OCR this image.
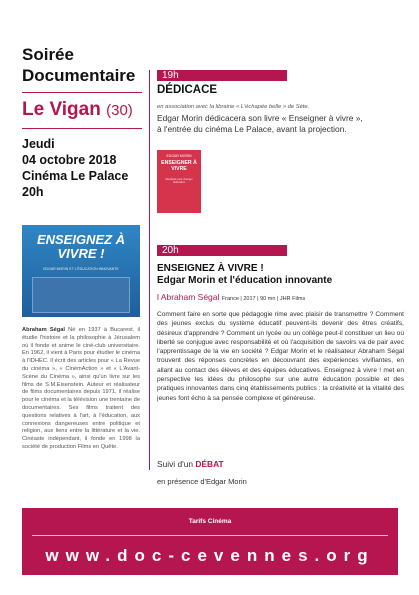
Soirée
Documentaire
Le Vigan (30)
Jeudi
04 octobre 2018
Cinéma Le Palace
20h
ENSEIGNEZ À VIVRE !
EDGAR MORIN ET L'ÉDUCATION INNOVANTE
Abraham Ségal Né en 1937 à Bucarest, il étudie l'histoire et la philosophie à Jérusalem où il fonde et anime le ciné-club universitaire. En 1962, il vient à Paris pour étudier le cinéma à l'IDHEC. Il écrit des articles pour « La Revue du cinéma », « CinémAction » et « L'Avant-Scène du Cinéma », ainsi qu'un livre sur les films de S.M.Eisenstein. Auteur et réalisateur de films documentaires depuis 1971, il réalise pour le cinéma et la télévision une trentaine de documentaires. Ses films traitent des questions relatives à l'art, à l'éducation, aux connexions dangereuses entre politique et religion, aux liens entre la littérature et la vie. Cinéaste indépendant, il fonde en 1998 la société de production Films en Quête.
19h
DÉDICACE
en association avec la librairie « L'échapée belle » de Sète.
Edgar Morin dédicacera son livre « Enseigner à vivre »,
à l'entrée du cinéma Le Palace, avant la projection.
EDGAR MORIN
ENSEIGNER À VIVRE
Manifeste pour changer l'éducation
20h
ENSEIGNEZ À VIVRE !
Edgar Morin et l'éducation innovante
l Abraham Ségal France | 2017 | 90 mn | JHR Films
Comment faire en sorte que pédagogie rime avec plaisir de transmettre ? Comment des jeunes exclus du système éducatif peuvent-ils devenir des êtres créatifs, désireux d'apprendre ? Comment un lycée ou un collège peut-il constituer un lieu où liberté se conjugue avec responsabilité et où l'acquisition de savoirs va de pair avec l'apprentissage de la vie en société ? Edgar Morin et le réalisateur Abraham Ségal trouvent des réponses concrètes en découvrant des expériences vivifiantes, en allant au contact des élèves et des équipes éducatives. Enseignez à vivre ! met en perspective les idées du philosophe sur une autre éducation possible et des pratiques innovantes dans cinq établissements publics : la créativité et la vitalité des jeunes font écho à sa pensée complexe et généreuse.
Suivi d'un DÉBAT
en présence d'Edgar Morin
Tarifs Cinéma
www.doc-cevennes.org
